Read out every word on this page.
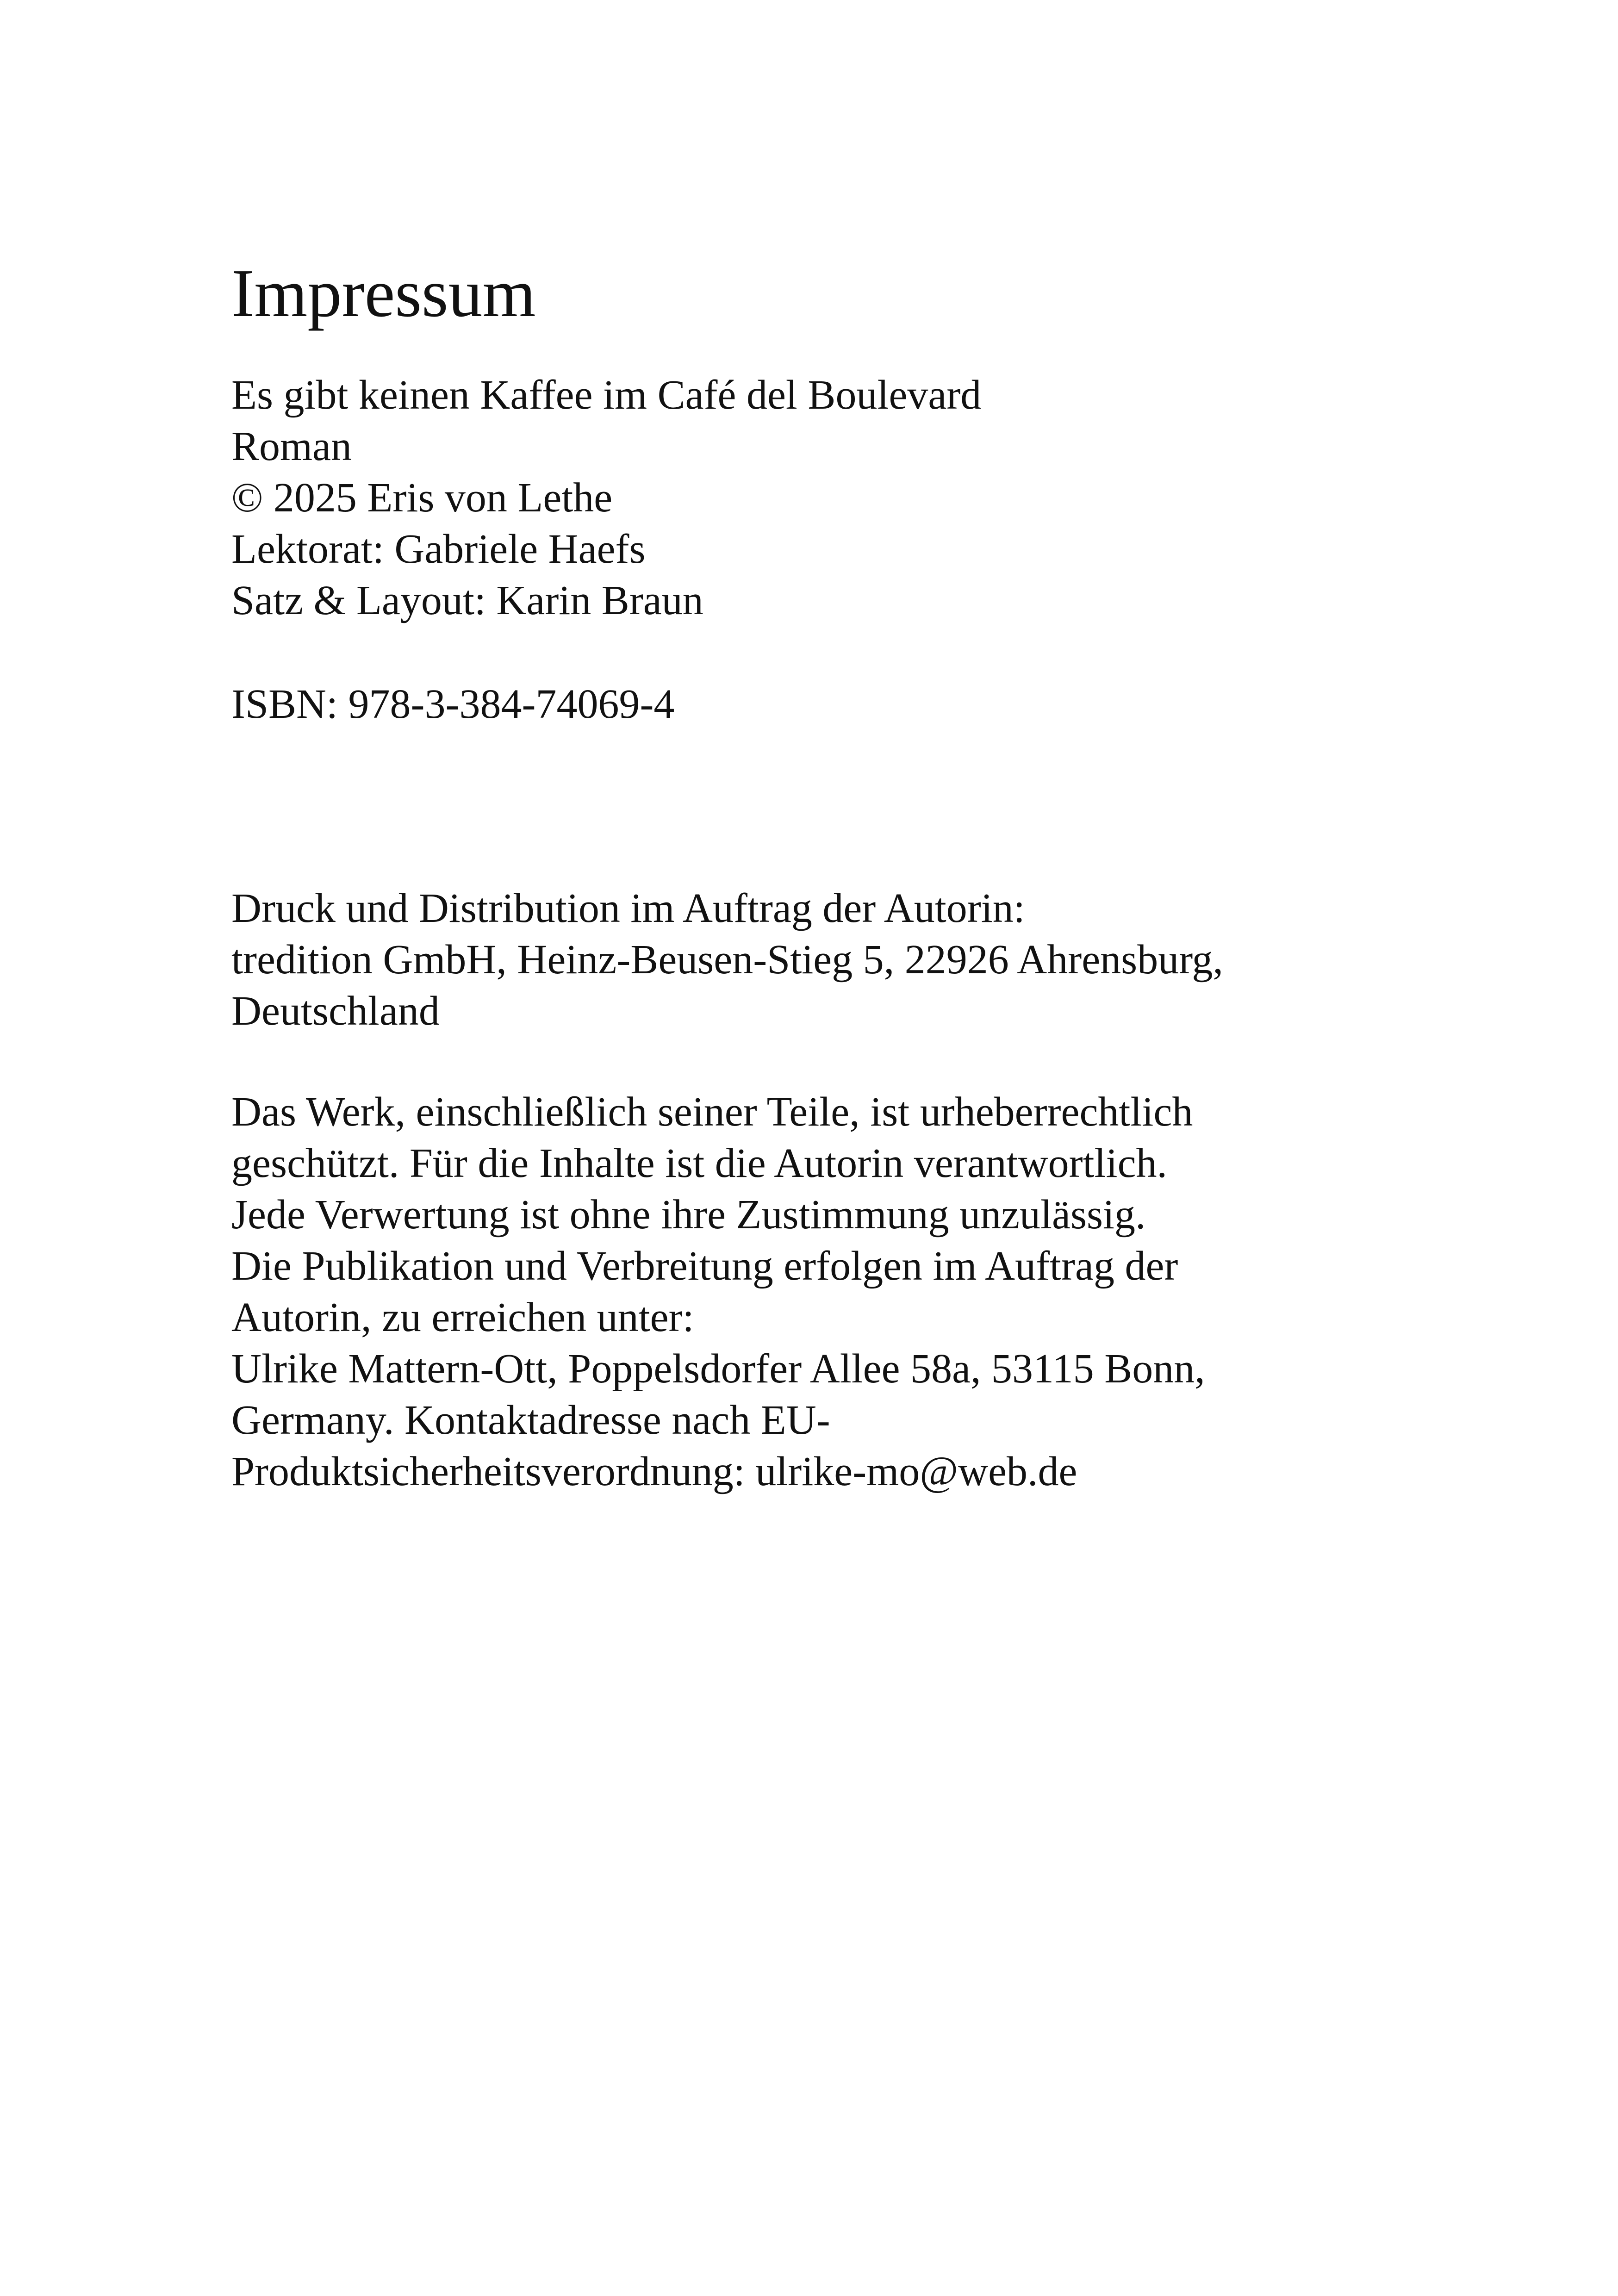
Impressum
Es gibt keinen Kaffee im Café del Boulevard
Roman
© 2025 Eris von Lethe
Lektorat: Gabriele Haefs
Satz & Layout: Karin Braun
ISBN: 978-3-384-74069-4
Druck und Distribution im Auftrag der Autorin:
tredition GmbH, Heinz-Beusen-Stieg 5, 22926 Ahrensburg,
Deutschland
Das Werk, einschließlich seiner Teile, ist urheberrechtlich
geschützt. Für die Inhalte ist die Autorin verantwortlich.
Jede Verwertung ist ohne ihre Zustimmung unzulässig.
Die Publikation und Verbreitung erfolgen im Auftrag der
Autorin, zu erreichen unter:
Ulrike Mattern-Ott, Poppelsdorfer Allee 58a, 53115 Bonn,
Germany. Kontaktadresse nach EU-
Produktsicherheitsverordnung: ulrike-mo@web.de
